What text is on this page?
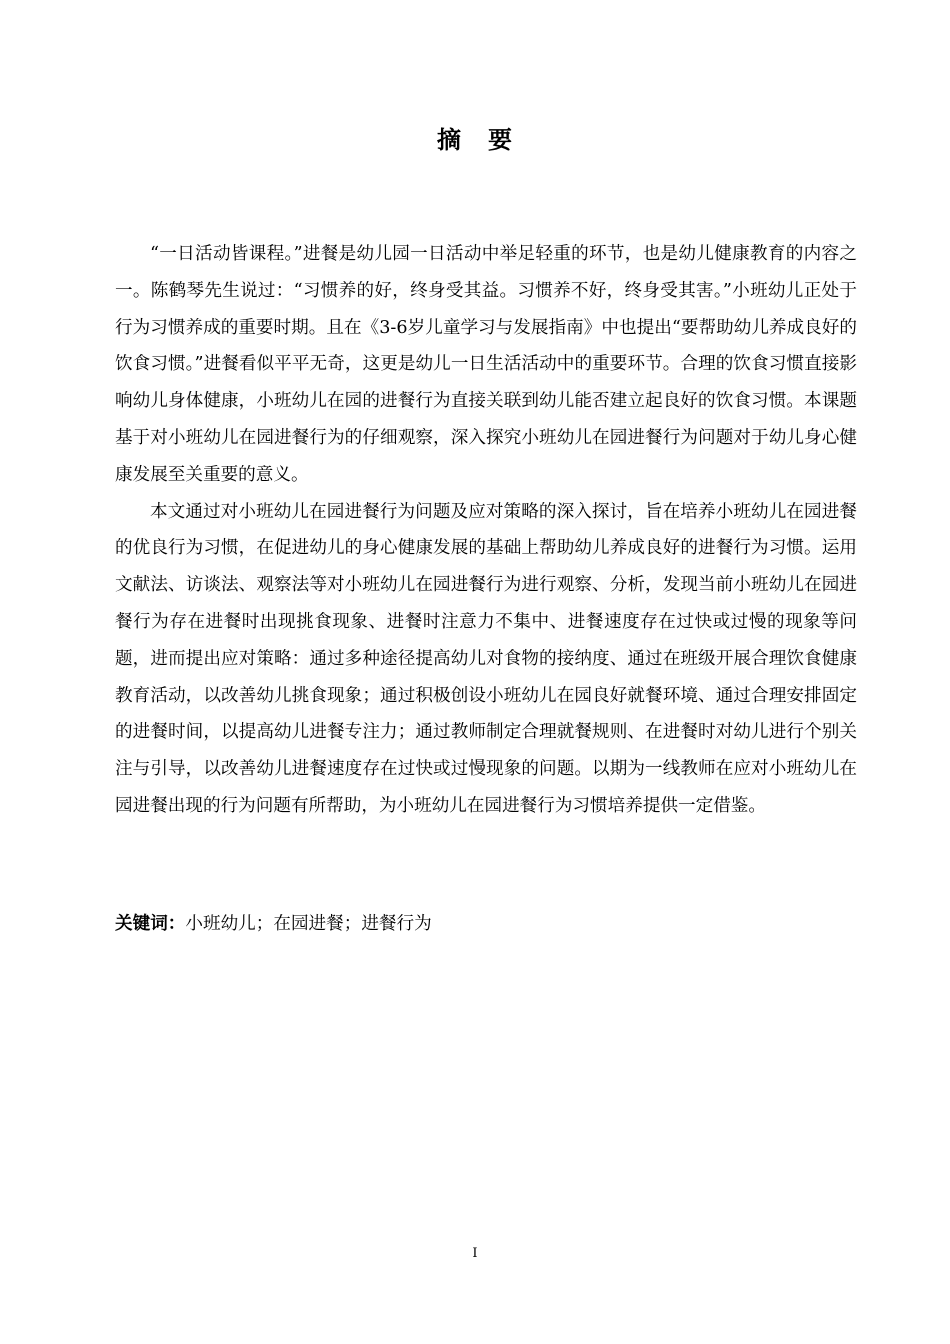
摘 要

“一日活动皆课程。”进餐是幼儿园一日活动中举足轻重的环节，也是幼儿健康教育的内容之一。陈鹤琴先生说过：“习惯养的好，终身受其益。习惯养不好，终身受其害。”小班幼儿正处于行为习惯养成的重要时期。且在《3-6岁儿童学习与发展指南》中也提出“要帮助幼儿养成良好的饮食习惯。”进餐看似平平无奇，这更是幼儿一日生活活动中的重要环节。合理的饮食习惯直接影响幼儿身体健康，小班幼儿在园的进餐行为直接关联到幼儿能否建立起良好的饮食习惯。本课题基于对小班幼儿在园进餐行为的仔细观察，深入探究小班幼儿在园进餐行为问题对于幼儿身心健康发展至关重要的意义。

本文通过对小班幼儿在园进餐行为问题及应对策略的深入探讨，旨在培养小班幼儿在园进餐的优良行为习惯，在促进幼儿的身心健康发展的基础上帮助幼儿养成良好的进餐行为习惯。运用文献法、访谈法、观察法等对小班幼儿在园进餐行为进行观察、分析，发现当前小班幼儿在园进餐行为存在进餐时出现挑食现象、进餐时注意力不集中、进餐速度存在过快或过慢的现象等问题，进而提出应对策略：通过多种途径提高幼儿对食物的接纳度、通过在班级开展合理饮食健康教育活动，以改善幼儿挑食现象；通过积极创设小班幼儿在园良好就餐环境、通过合理安排固定的进餐时间，以提高幼儿进餐专注力；通过教师制定合理就餐规则、在进餐时对幼儿进行个别关注与引导，以改善幼儿进餐速度存在过快或过慢现象的问题。以期为一线教师在应对小班幼儿在园进餐出现的行为问题有所帮助，为小班幼儿在园进餐行为习惯培养提供一定借鉴。

关键词：小班幼儿；在园进餐；进餐行为
I
